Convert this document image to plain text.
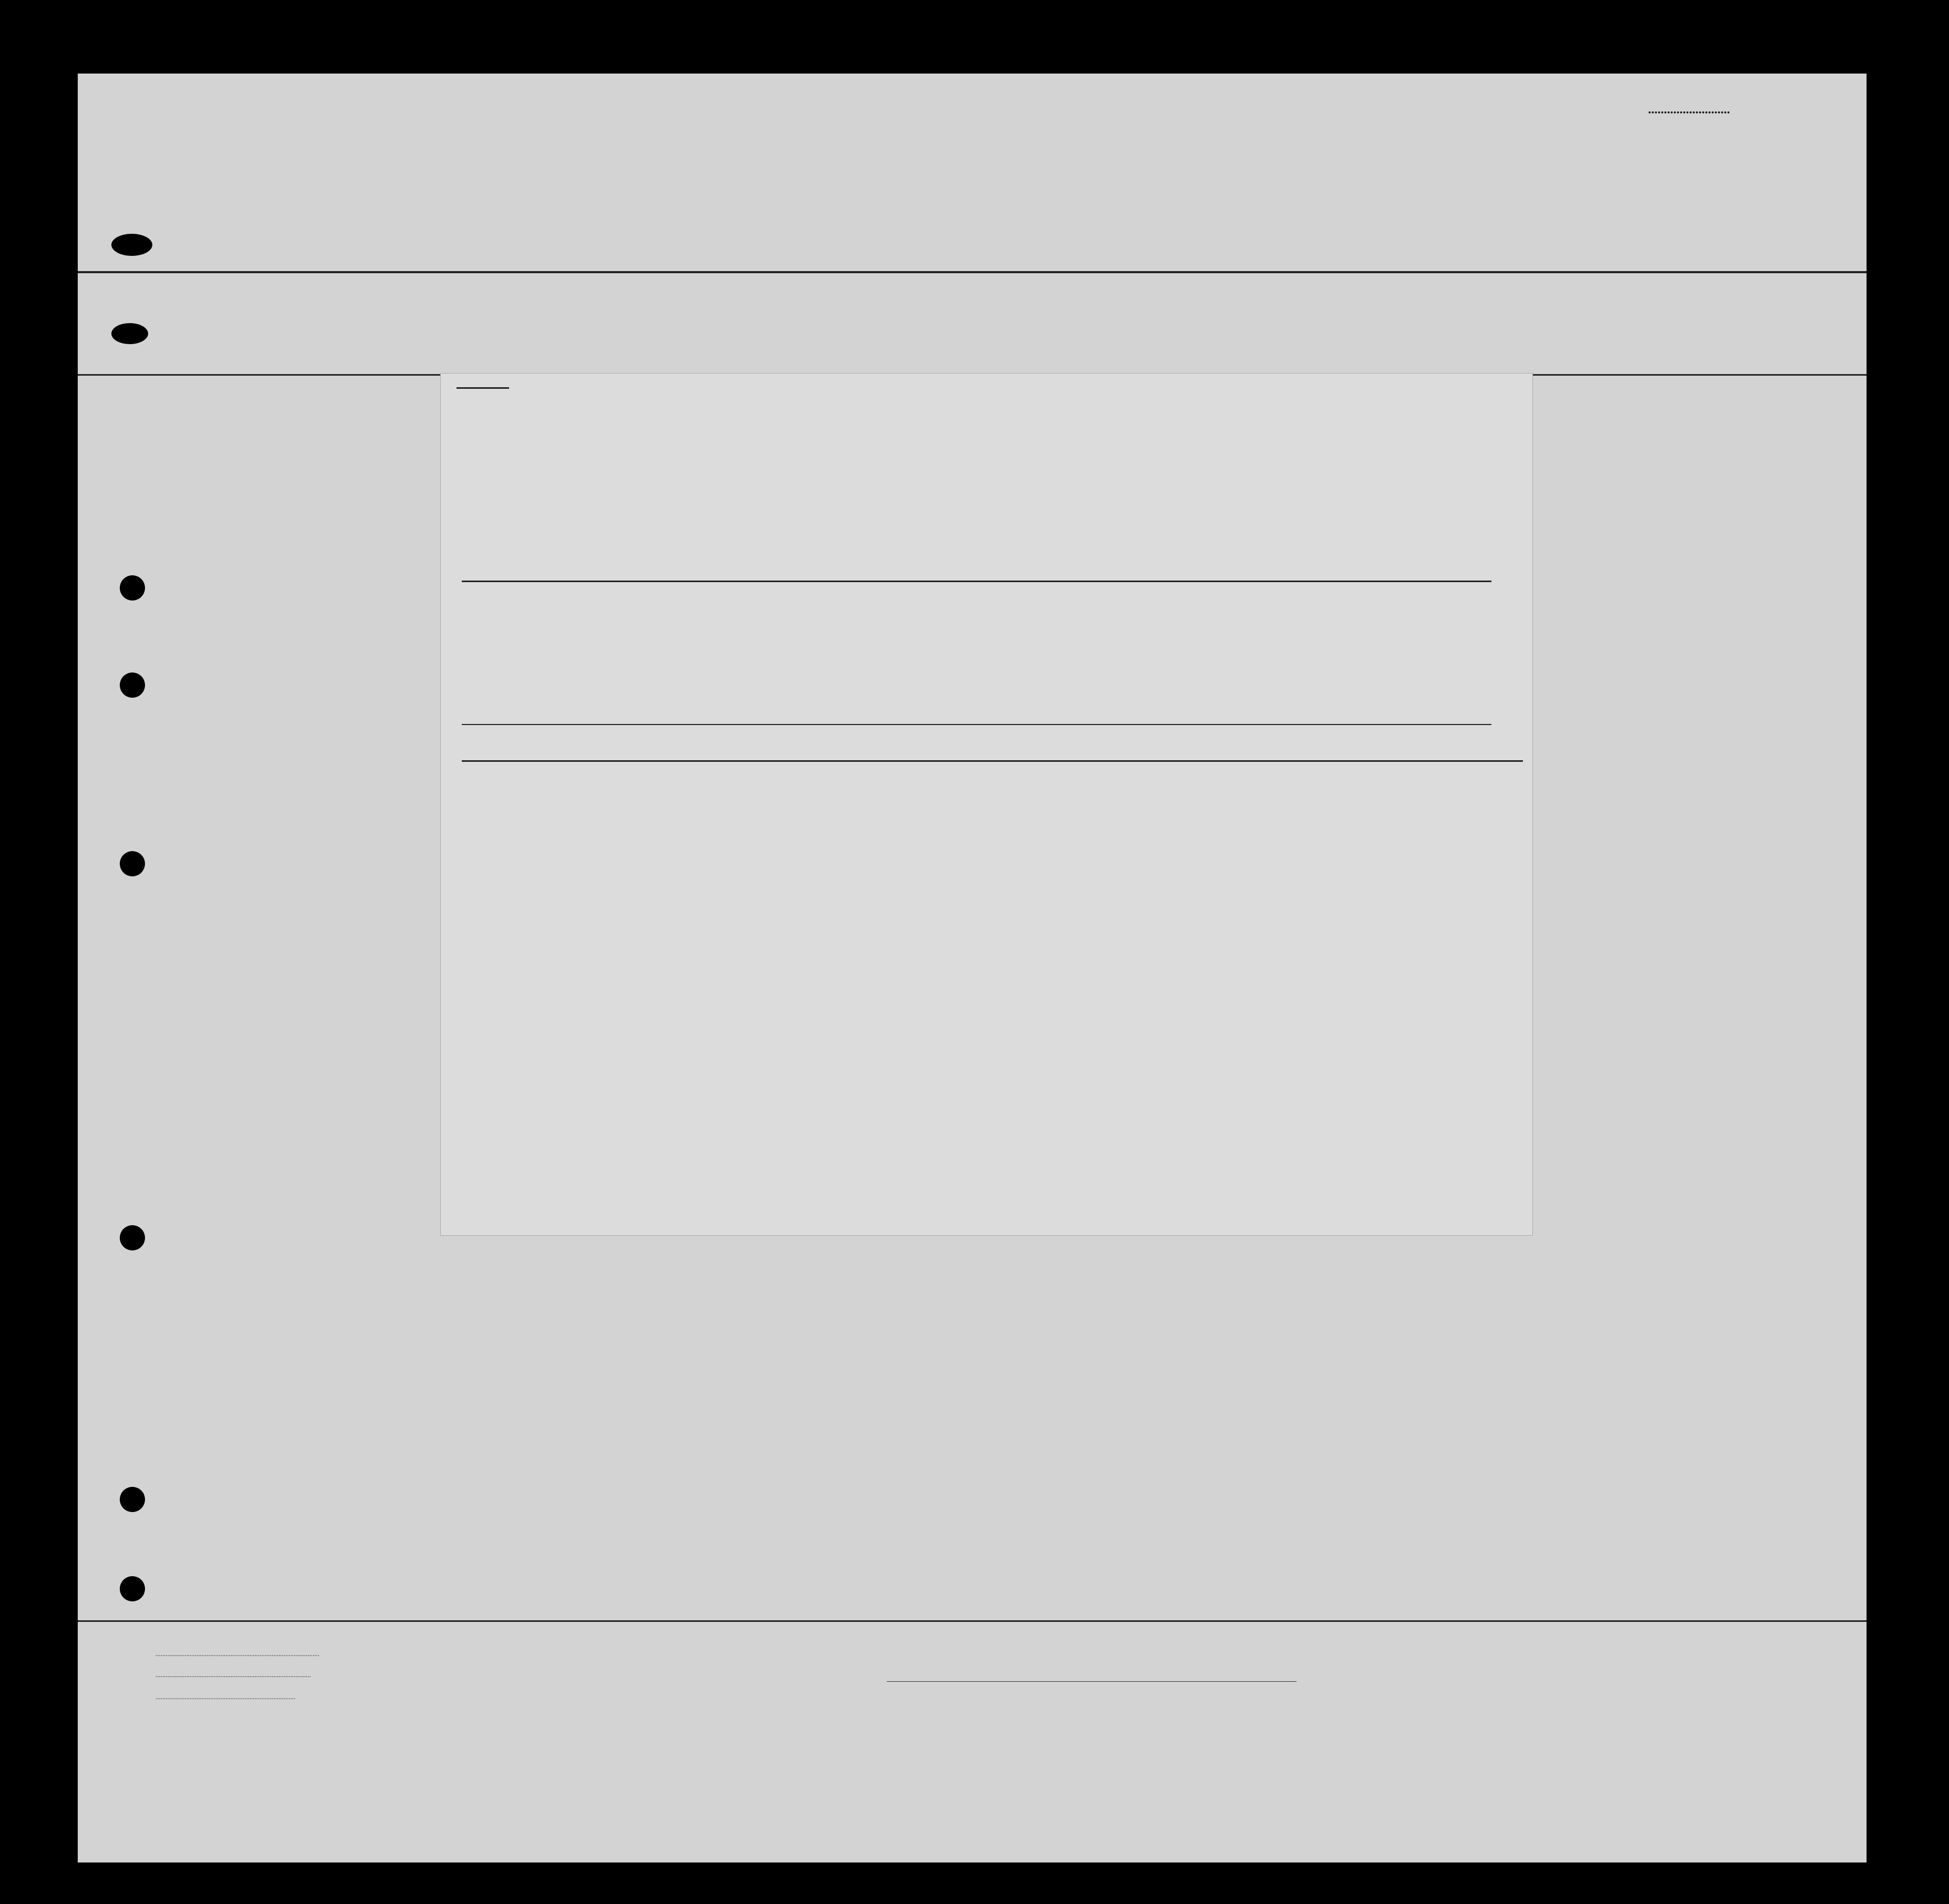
..........................
................................................................................................
...........................................................................................
..................................................................................
